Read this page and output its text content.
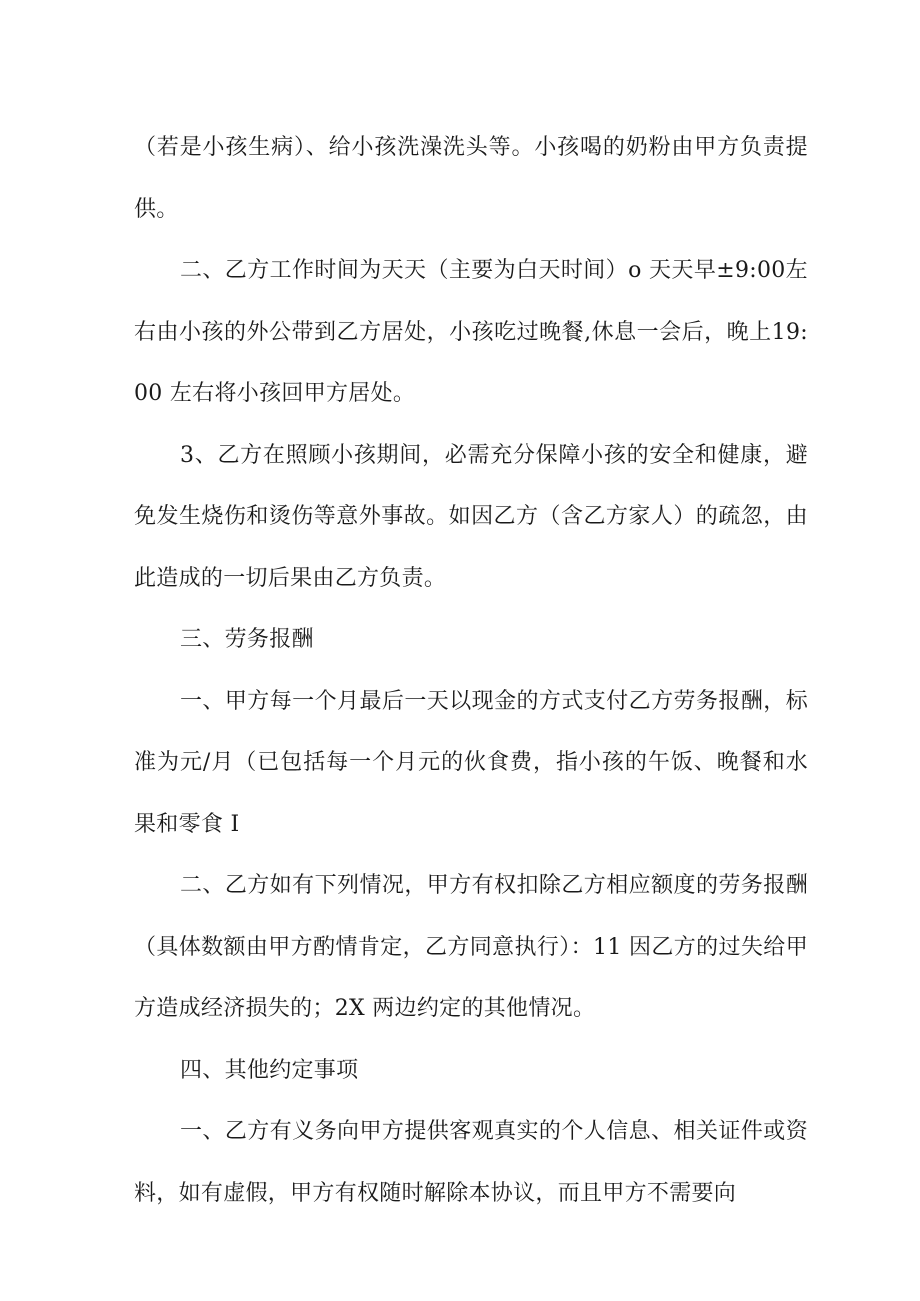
（若是小孩生病）、给小孩洗澡洗头等。小孩喝的奶粉由甲方负责提供。

二、乙方工作时间为天天（主要为白天时间）o 天天早±9:00左右由小孩的外公带到乙方居处，小孩吃过晚餐,休息一会后，晚上19:00 左右将小孩回甲方居处。

3、乙方在照顾小孩期间，必需充分保障小孩的安全和健康，避免发生烧伤和烫伤等意外事故。如因乙方（含乙方家人）的疏忽，由此造成的一切后果由乙方负责。

三、劳务报酬

一、甲方每一个月最后一天以现金的方式支付乙方劳务报酬，标准为元/月（已包括每一个月元的伙食费，指小孩的午饭、晚餐和水果和零食 I

二、乙方如有下列情况，甲方有权扣除乙方相应额度的劳务报酬（具体数额由甲方酌情肯定，乙方同意执行）：11 因乙方的过失给甲方造成经济损失的；2X 两边约定的其他情况。

四、其他约定事项

一、乙方有义务向甲方提供客观真实的个人信息、相关证件或资料，如有虚假，甲方有权随时解除本协议，而且甲方不需要向
